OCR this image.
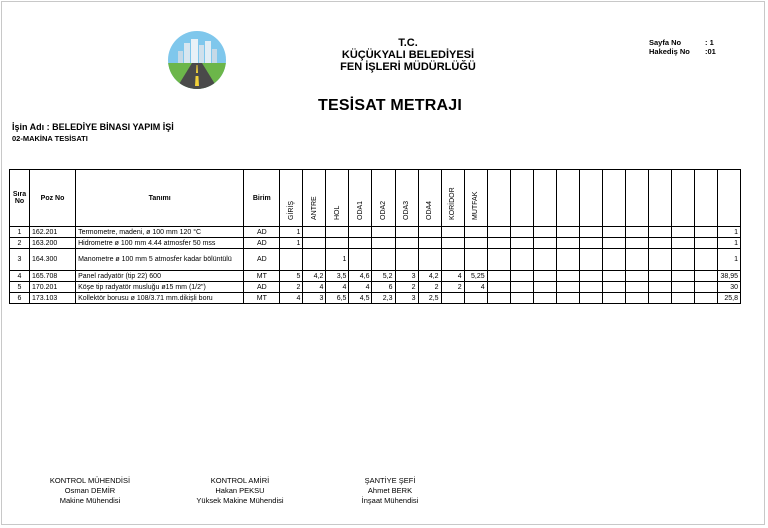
T.C.
KÜÇÜKYALI BELEDİYESİ
FEN İŞLERİ MÜDÜRLÜĞÜ
Sayfa No	: 1
Hakediş No	:01
TESİSAT METRAJI
İşin Adı : BELEDİYE BİNASI YAPIM İŞİ
02-MAKİNA TESİSATI
Sıra No	Poz No	Tanımı	Birim	GİRİŞ	ANTRE	HOL	ODA1	ODA2	ODA3	ODA4	KORİDOR	MUTFAK											

1	162.201	Termometre, madeni, ø 100 mm 120 °C	AD	1																			1
2	163.200	Hidrometre ø 100 mm 4.44 atmosfer 50 mss	AD	1																			1
3	164.300	Manometre ø 100 mm 5 atmosfer kadar bölüntülü	AD			1																	1
4	165.708	Panel radyatör (tip 22) 600	MT	5	4,2	3,5	4,6	5,2	3	4,2	4	5,25											38,95
5	170.201	Köşe tip radyatör musluğu ø15 mm (1/2")	AD	2	4	4	4	6	2	2	2	4											30
6	173.103	Kollektör borusu ø 108/3.71 mm.dikişli boru	MT	4	3	6,5	4,5	2,3	3	2,5													25,8
KONTROL MÜHENDİSİ
Osman DEMİR
Makine Mühendisi
KONTROL AMİRİ
Hakan PEKSU
Yüksek Makine Mühendisi
ŞANTİYE ŞEFİ
Ahmet BERK
İnşaat Mühendisi
